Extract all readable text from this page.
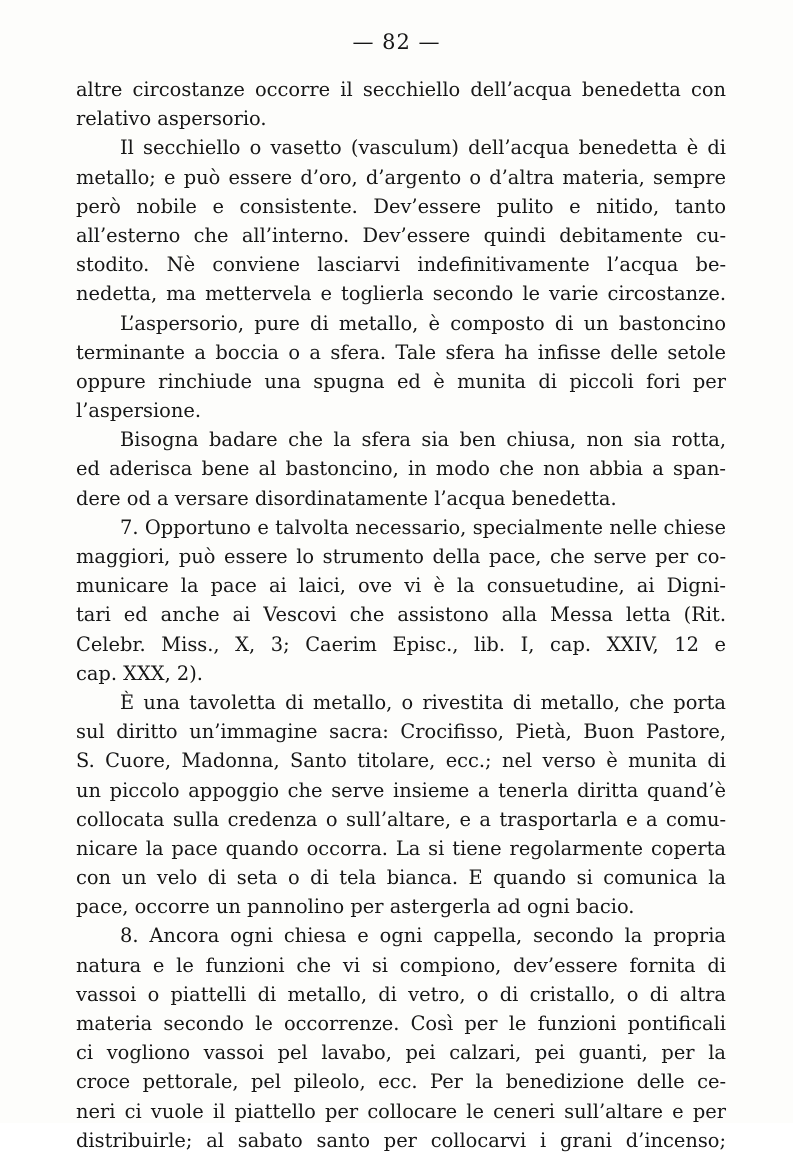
— 82 —
altre circostanze occorre il secchiello dell’acqua benedetta con
relativo aspersorio.
Il secchiello o vasetto (vasculum) dell’acqua benedetta è di
metallo; e può essere d’oro, d’argento o d’altra materia, sempre
però nobile e consistente. Dev’essere pulito e nitido, tanto
all’esterno che all’interno. Dev’essere quindi debitamente cu-
stodito. Nè conviene lasciarvi indefinitivamente l’acqua be-
nedetta, ma mettervela e toglierla secondo le varie circostanze.
L’aspersorio, pure di metallo, è composto di un bastoncino
terminante a boccia o a sfera. Tale sfera ha infisse delle setole
oppure rinchiude una spugna ed è munita di piccoli fori per
l’aspersione.
Bisogna badare che la sfera sia ben chiusa, non sia rotta,
ed aderisca bene al bastoncino, in modo che non abbia a span-
dere od a versare disordinatamente l’acqua benedetta.
7. Opportuno e talvolta necessario, specialmente nelle chiese
maggiori, può essere lo strumento della pace, che serve per co-
municare la pace ai laici, ove vi è la consuetudine, ai Digni-
tari ed anche ai Vescovi che assistono alla Messa letta (Rit.
Celebr. Miss., X, 3; Caerim Episc., lib. I, cap. XXIV, 12 e
cap. XXX, 2).
È una tavoletta di metallo, o rivestita di metallo, che porta
sul diritto un’immagine sacra: Crocifisso, Pietà, Buon Pastore,
S. Cuore, Madonna, Santo titolare, ecc.; nel verso è munita di
un piccolo appoggio che serve insieme a tenerla diritta quand’è
collocata sulla credenza o sull’altare, e a trasportarla e a comu-
nicare la pace quando occorra. La si tiene regolarmente coperta
con un velo di seta o di tela bianca. E quando si comunica la
pace, occorre un pannolino per astergerla ad ogni bacio.
8. Ancora ogni chiesa e ogni cappella, secondo la propria
natura e le funzioni che vi si compiono, dev’essere fornita di
vassoi o piattelli di metallo, di vetro, o di cristallo, o di altra
materia secondo le occorrenze. Così per le funzioni pontificali
ci vogliono vassoi pel lavabo, pei calzari, pei guanti, per la
croce pettorale, pel pileolo, ecc. Per la benedizione delle ce-
neri ci vuole il piattello per collocare le ceneri sull’altare e per
distribuirle; al sabato santo per collocarvi i grani d’incenso;
